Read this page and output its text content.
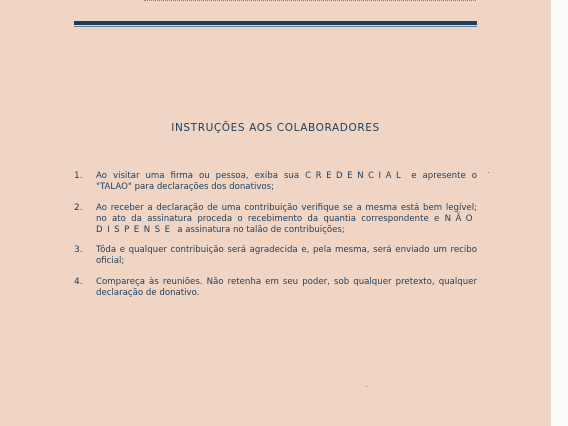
INSTRUÇÕES AOS COLABORADORES
1. Ao visitar uma firma ou pessoa, exiba sua CREDENCIAL e apresente o "TALAO" para declarações dos donativos;
2. Ao receber a declaração de uma contribuição verifique se a mesma está bem legível; no ato da assinatura proceda o recebimento da quantia correspondente e NÃO DISPENSE a assinatura no talão de contribuições;
3. Tôda e qualquer contribuição será agradecida e, pela mesma, será enviado um recibo oficial;
4. Compareça às reuniões. Não retenha em seu poder, sob qualquer pretexto, qualquer declaração de donativo.
